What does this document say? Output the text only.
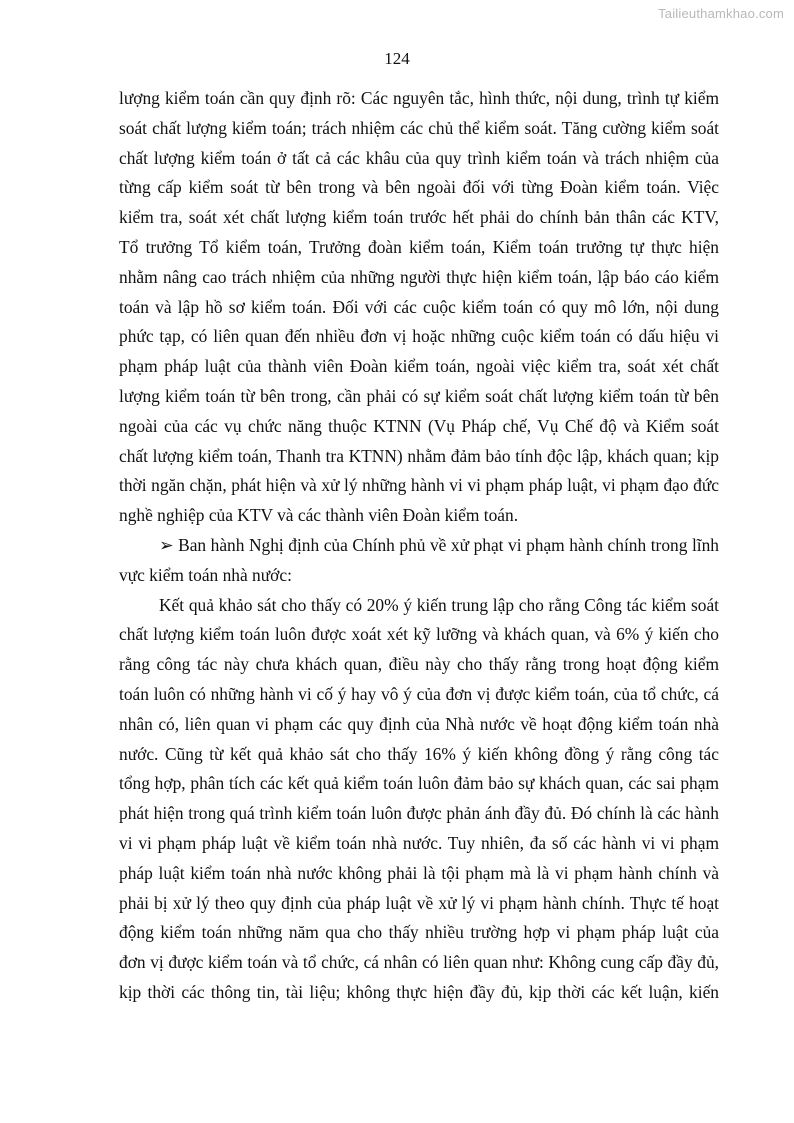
Tailieuthamkhao.com
124
lượng kiểm toán cần quy định rõ: Các nguyên tắc, hình thức, nội dung, trình tự kiểm
soát chất lượng kiểm toán; trách nhiệm các chủ thể kiểm soát. Tăng cường kiểm soát
chất lượng kiểm toán ở tất cả các khâu của quy trình kiểm toán và trách nhiệm của
từng cấp kiểm soát từ bên trong và bên ngoài đối với từng Đoàn kiểm toán. Việc
kiểm tra, soát xét chất lượng kiểm toán trước hết phải do chính bản thân các KTV,
Tổ trưởng Tổ kiểm toán, Trưởng đoàn kiểm toán, Kiểm toán trưởng tự thực hiện
nhằm nâng cao trách nhiệm của những người thực hiện kiểm toán, lập báo cáo kiểm
toán và lập hồ sơ kiểm toán. Đối với các cuộc kiểm toán có quy mô lớn, nội dung
phức tạp, có liên quan đến nhiều đơn vị hoặc những cuộc kiểm toán có dấu hiệu vi
phạm pháp luật của thành viên Đoàn kiểm toán, ngoài việc kiểm tra, soát xét chất
lượng kiểm toán từ bên trong, cần phải có sự kiểm soát chất lượng kiểm toán từ bên
ngoài của các vụ chức năng thuộc KTNN (Vụ Pháp chế, Vụ Chế độ và Kiểm soát
chất lượng kiểm toán, Thanh tra KTNN) nhằm đảm bảo tính độc lập, khách quan; kịp
thời ngăn chặn, phát hiện và xử lý những hành vi vi phạm pháp luật, vi phạm đạo đức
nghề nghiệp của KTV và các thành viên Đoàn kiểm toán.
➢ Ban hành Nghị định của Chính phủ về xử phạt vi phạm hành chính trong lĩnh
vực kiểm toán nhà nước:
Kết quả khảo sát cho thấy có 20% ý kiến trung lập cho rằng Công tác kiểm soát
chất lượng kiểm toán luôn được xoát xét kỹ lưỡng và khách quan, và 6% ý kiến cho
rằng công tác này chưa khách quan, điều này cho thấy rằng trong hoạt động kiểm
toán luôn có những hành vi cố ý hay vô ý của đơn vị được kiểm toán, của tổ chức, cá
nhân có, liên quan vi phạm các quy định của Nhà nước về hoạt động kiểm toán nhà
nước. Cũng từ kết quả khảo sát cho thấy 16% ý kiến không đồng ý rằng công tác
tổng hợp, phân tích các kết quả kiểm toán luôn đảm bảo sự khách quan, các sai phạm
phát hiện trong quá trình kiểm toán luôn được phản ánh đầy đủ. Đó chính là các hành
vi vi phạm pháp luật về kiểm toán nhà nước. Tuy nhiên, đa số các hành vi vi phạm
pháp luật kiểm toán nhà nước không phải là tội phạm mà là vi phạm hành chính và
phải bị xử lý theo quy định của pháp luật về xử lý vi phạm hành chính. Thực tế hoạt
động kiểm toán những năm qua cho thấy nhiều trường hợp vi phạm pháp luật của
đơn vị được kiểm toán và tổ chức, cá nhân có liên quan như: Không cung cấp đầy đủ,
kịp thời các thông tin, tài liệu; không thực hiện đầy đủ, kịp thời các kết luận, kiến
